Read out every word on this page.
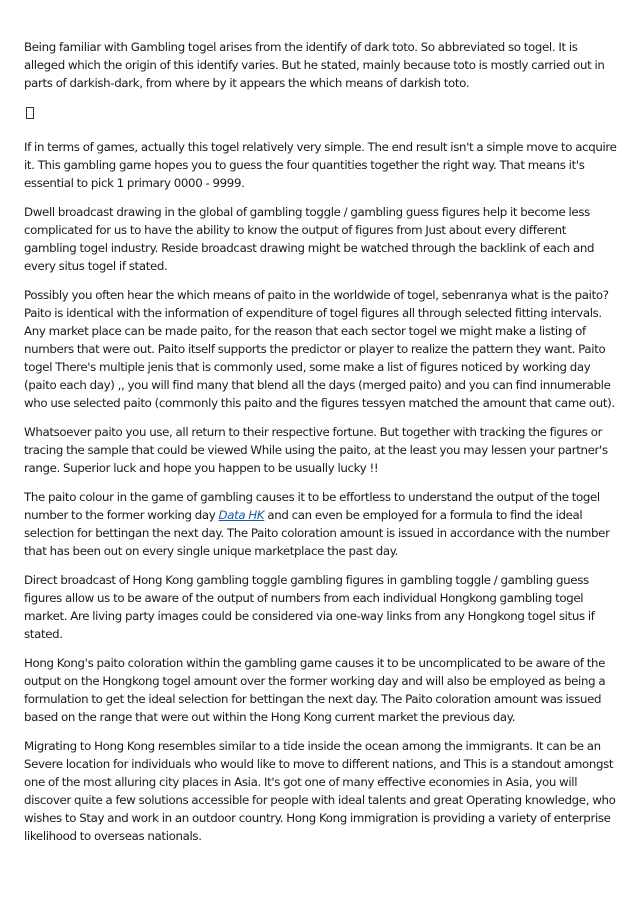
Being familiar with Gambling togel arises from the identify of dark toto. So abbreviated so togel. It is alleged which the origin of this identify varies. But he stated, mainly because toto is mostly carried out in parts of darkish-dark, from where by it appears the which means of darkish toto.

If in terms of games, actually this togel relatively very simple. The end result isn't a simple move to acquire it. This gambling game hopes you to guess the four quantities together the right way. That means it's essential to pick 1 primary 0000 - 9999.

Dwell broadcast drawing in the global of gambling toggle / gambling guess figures help it become less complicated for us to have the ability to know the output of figures from Just about every different gambling togel industry. Reside broadcast drawing might be watched through the backlink of each and every situs togel if stated.

Possibly you often hear the which means of paito in the worldwide of togel, sebenranya what is the paito? Paito is identical with the information of expenditure of togel figures all through selected fitting intervals. Any market place can be made paito, for the reason that each sector togel we might make a listing of numbers that were out. Paito itself supports the predictor or player to realize the pattern they want. Paito togel There's multiple jenis that is commonly used, some make a list of figures noticed by working day (paito each day) ,, you will find many that blend all the days (merged paito) and you can find innumerable who use selected paito (commonly this paito and the figures tessyen matched the amount that came out).

Whatsoever paito you use, all return to their respective fortune. But together with tracking the figures or tracing the sample that could be viewed While using the paito, at the least you may lessen your partner's range. Superior luck and hope you happen to be usually lucky !!

The paito colour in the game of gambling causes it to be effortless to understand the output of the togel number to the former working day Data HK and can even be employed for a formula to find the ideal selection for bettingan the next day. The Paito coloration amount is issued in accordance with the number that has been out on every single unique marketplace the past day.

Direct broadcast of Hong Kong gambling toggle gambling figures in gambling toggle / gambling guess figures allow us to be aware of the output of numbers from each individual Hongkong gambling togel market. Are living party images could be considered via one-way links from any Hongkong togel situs if stated.

Hong Kong's paito coloration within the gambling game causes it to be uncomplicated to be aware of the output on the Hongkong togel amount over the former working day and will also be employed as being a formulation to get the ideal selection for bettingan the next day. The Paito coloration amount was issued based on the range that were out within the Hong Kong current market the previous day.

Migrating to Hong Kong resembles similar to a tide inside the ocean among the immigrants. It can be an Severe location for individuals who would like to move to different nations, and This is a standout amongst one of the most alluring city places in Asia. It's got one of many effective economies in Asia, you will discover quite a few solutions accessible for people with ideal talents and great Operating knowledge, who wishes to Stay and work in an outdoor country. Hong Kong immigration is providing a variety of enterprise likelihood to overseas nationals.
